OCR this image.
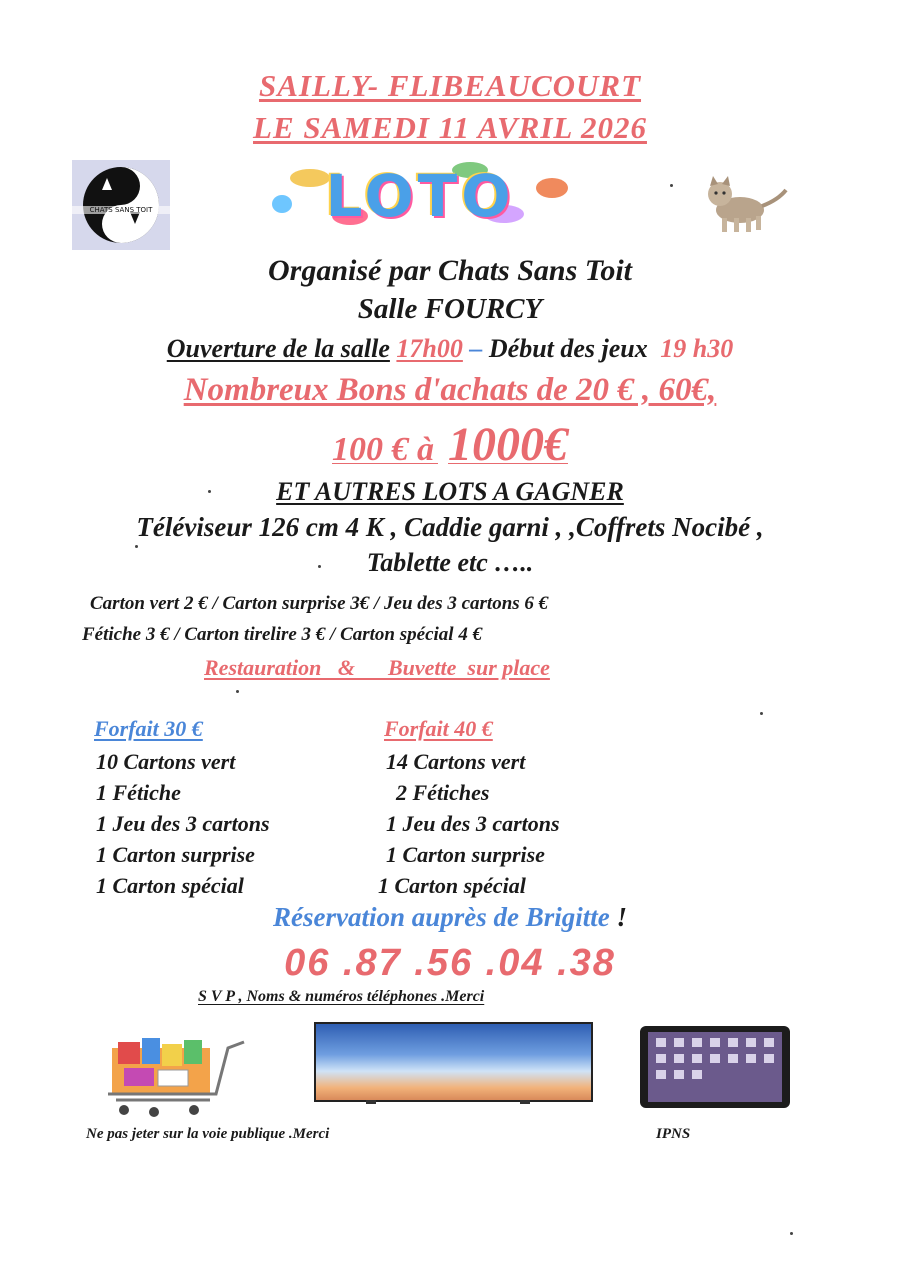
SAILLY- FLIBEAUCOURT
LE SAMEDI 11 AVRIL 2026
CHATS SANS TOIT	LOTO
Organisé par Chats Sans Toit
Salle FOURCY
Ouverture de la salle 17h00 – Début des jeux 19 h30
Nombreux Bons d'achats de 20 € , 60€,
100 € à 1000€
ET AUTRES LOTS A GAGNER
Téléviseur 126 cm 4 K , Caddie garni , ,Coffrets Nocibé ,
Tablette etc …..
Carton vert 2 € / Carton surprise 3€ / Jeu des 3 cartons 6 €
Fétiche 3 € / Carton tirelire 3 € / Carton spécial 4 €
Restauration   &      Buvette  sur place
Forfait 30 €
10 Cartons vert
1 Fétiche
1 Jeu des 3 cartons
1 Carton surprise
1 Carton spécial
Forfait 40 €
14 Cartons vert
2 Fétiches
1 Jeu des 3 cartons
1 Carton surprise
1 Carton spécial
Réservation auprès de Brigitte !
06 .87 .56 .04 .38
S V P , Noms & numéros téléphones .Merci
Ne pas jeter sur la voie publique .Merci	IPNS
